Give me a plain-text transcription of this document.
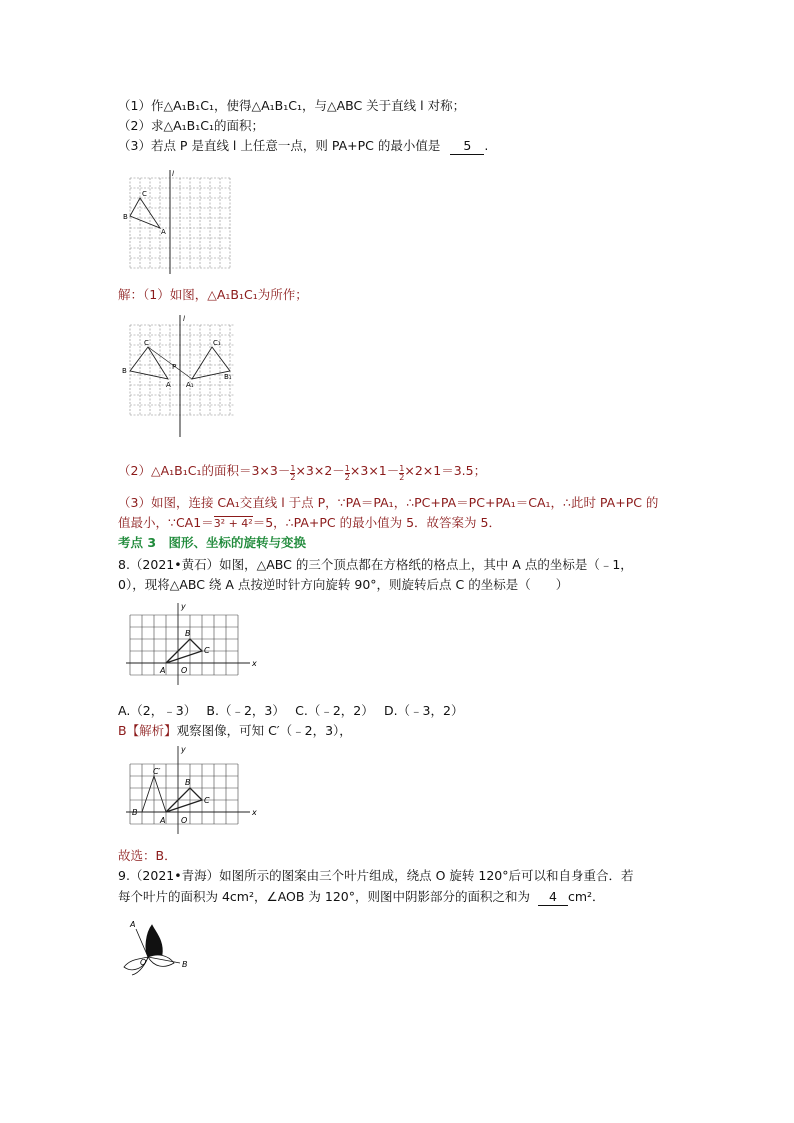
（1）作△A₁B₁C₁，使得△A₁B₁C₁，与△ABC 关于直线 l 对称；
（2）求△A₁B₁C₁的面积；
（3）若点 P 是直线 l 上任意一点，则 PA+PC 的最小值是 5 .
l
C
B
A
解：（1）如图，△A₁B₁C₁为所作；
l
C
B
A
P
C₁
B₁
A₁
（2）△A₁B₁C₁的面积$=3\times 3- \frac{1}{2} \times 3\times 2- \frac{1}{2} \times 3\times 1- \frac{1}{2} \times 2\times 1=3.5$；
（3）如图，连接 CA₁交直线 l 于点 P，∵PA＝PA₁，∴PC+PA＝PC+PA₁＝CA₁，∴此时 PA+PC 的
值最小，∵CA1＝3² + 4²＝5，∴PA+PC 的最小值为 5．故答案为 5．
考点 3　图形、坐标的旋转与变换
8.（2021•黄石）如图，△ABC 的三个顶点都在方格纸的格点上，其中 A 点的坐标是（﹣1，
0），现将△ABC 绕 A 点按逆时针方向旋转 90°，则旋转后点 C 的坐标是（　　）
y
x
B
C
A O
A.（2，﹣3）　 B.（﹣2，3）　 C.（﹣2，2）　 D.（﹣3，2）
B【解析】观察图像，可知 C′（﹣2，3），
y
x
B
C
A O
B
C′
故选：B．
9.（2021•青海）如图所示的图案由三个叶片组成，绕点 O 旋转 120°后可以和自身重合．若
每个叶片的面积为 4cm²，∠AOB 为 120°，则图中阴影部分的面积之和为 4 cm²．
A
O	B
